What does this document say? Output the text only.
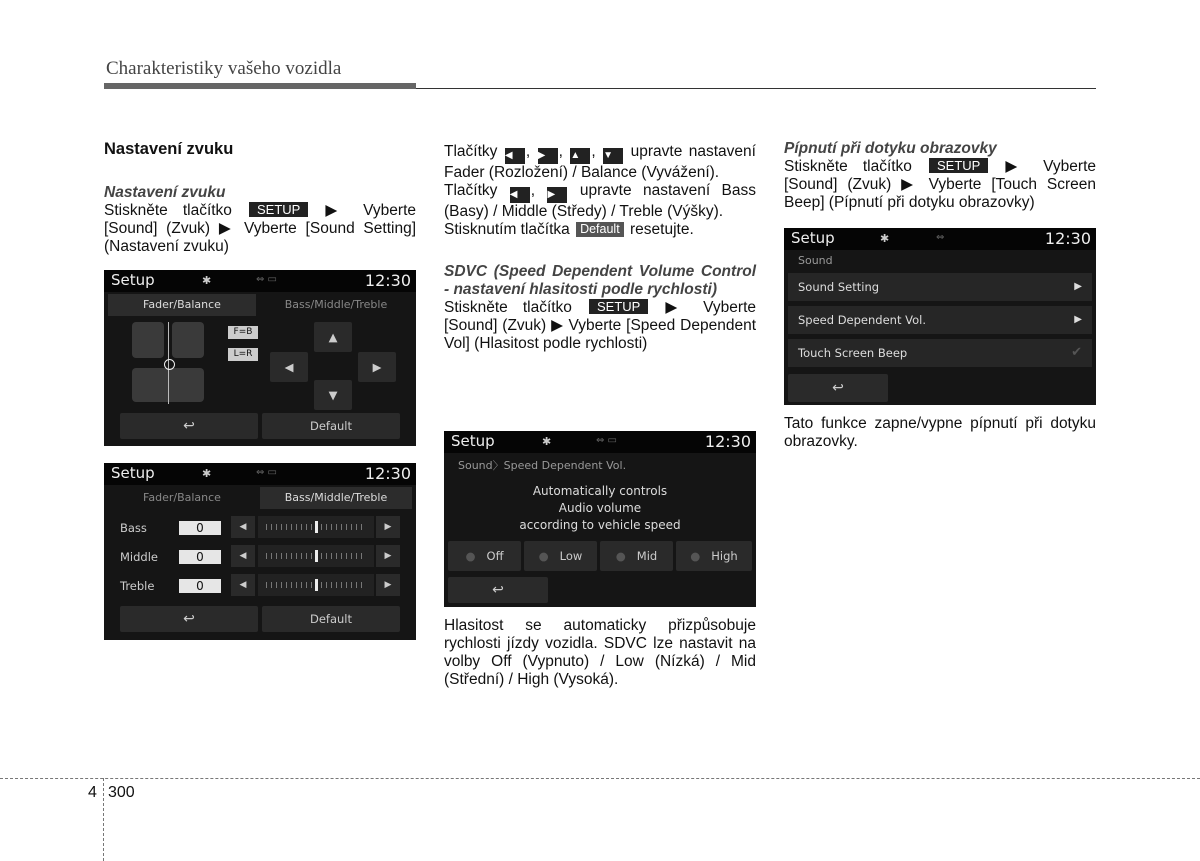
Charakteristiky vašeho vozidla

Nastavení zvuku

Nastavení zvuku

Stiskněte tlačítko SETUP ▶ Vyberte [Sound] (Zvuk) ▶ Vyberte [Sound Setting] (Nastavení zvuku)

Setup	✱	⇔ ▭	12:30
Fader/Balance	Bass/Middle/Treble
F=B
L=R
▲
◀	▶
▼
↩	Default
Setup	✱	⇔ ▭	12:30
Fader/Balance	Bass/Middle/Treble
Bass	0	◀	▶
Middle	0	◀	▶
Treble	0	◀	▶
↩	Default

Tlačítky ◀ , ▶ , ▲ , ▼ upravte nastavení Fader (Rozložení) / Balance (Vyvážení).

Tlačítky ◀ , ▶ upravte nastavení Bass (Basy) / Middle (Středy) / Treble (Výšky).

Stisknutím tlačítka Default resetujte.

SDVC (Speed Dependent Volume Control - nastavení hlasitosti podle rychlosti)

Stiskněte tlačítko SETUP ▶ Vyberte [Sound] (Zvuk) ▶ Vyberte [Speed Dependent Vol] (Hlasitost podle rychlosti)

Setup	✱	⇔ ▭	12:30
Sound〉Speed Dependent Vol.
Automatically controls
Audio volume
according to vehicle speed
● Off	● Low	● Mid	● High
↩

Hlasitost se automaticky přizpůsobuje rychlosti jízdy vozidla. SDVC lze nastavit na volby Off (Vypnuto) / Low (Nízká) / Mid (Střední) / High (Vysoká).

Pípnutí při dotyku obrazovky

Stiskněte tlačítko SETUP ▶ Vyberte [Sound] (Zvuk) ▶ Vyberte [Touch Screen Beep] (Pípnutí při dotyku obrazovky)

Setup	✱	⇔	12:30
Sound
Sound Setting	▶
Speed Dependent Vol.	▶
Touch Screen Beep	✔
↩

Tato funkce zapne/vypne pípnutí při dotyku obrazovky.

4 300
